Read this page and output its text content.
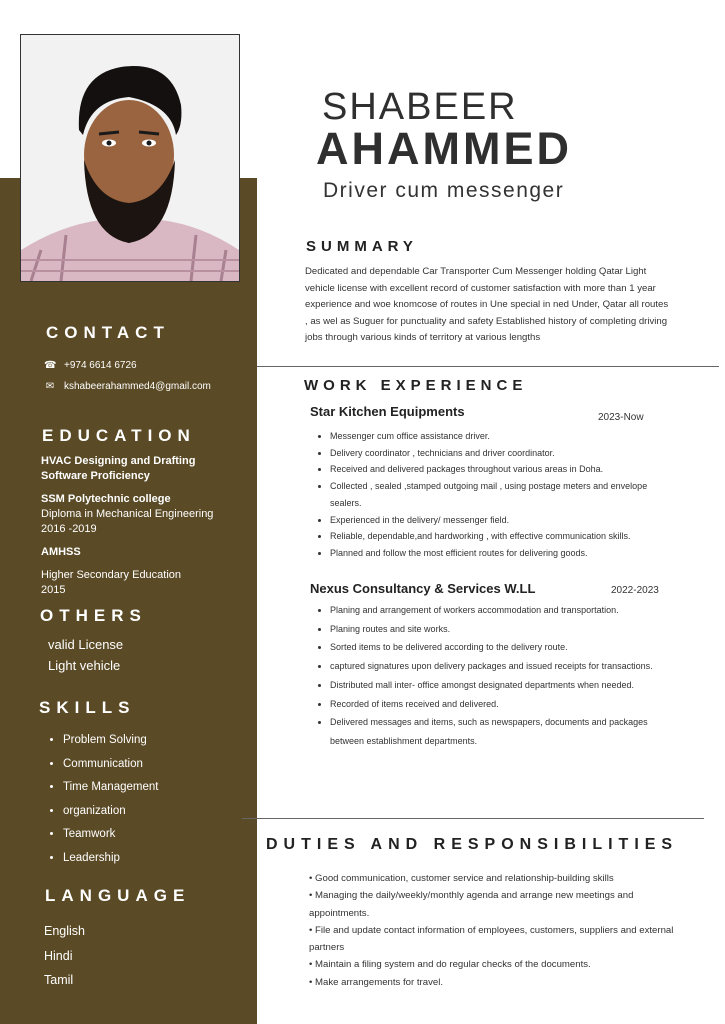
CONTACT
☎ +974 6614 6726
✉ kshabeerahammed4@gmail.com
EDUCATION
HVAC Designing and Drafting Software Proficiency
SSM Polytechnic college
Diploma in Mechanical Engineering
2016 -2019
AMHSS
Higher Secondary Education
2015
OTHERS
valid License
Light vehicle
SKILLS
• Problem Solving
• Communication
• Time Management
• organization
• Teamwork
• Leadership
LANGUAGE
English
Hindi
Tamil
SHABEER
AHAMMED
Driver cum messenger
SUMMARY
Dedicated and dependable Car Transporter Cum Messenger holding Qatar Light vehicle license with excellent record of customer satisfaction with more than 1 year experience and woe knomcose of routes in Une special in ned Under, Qatar all routes , as wel as Suguer for punctuality and safety Established history of completing driving jobs through various kinds of territory at various lengths
WORK EXPERIENCE
Star Kitchen Equipments	2023-Now
• Messenger cum office assistance driver.
• Delivery coordinator , technicians and driver coordinator.
• Received and delivered packages throughout various areas in Doha.
• Collected , sealed ,stamped outgoing mail , using postage meters and envelope sealers.
• Experienced in the delivery/ messenger field.
• Reliable, dependable,and hardworking , with effective communication skills.
• Planned and follow the most efficient routes for delivering goods.
Nexus Consultancy & Services W.LL	2022-2023
• Planing and arrangement of workers accommodation and transportation.
• Planing routes and site works.
• Sorted items to be delivered according to the delivery route.
• captured signatures upon delivery packages and issued receipts for transactions.
• Distributed mall inter- office amongst designated departments when needed.
• Recorded of items received and delivered.
• Delivered messages and items, such as newspapers, documents and packages between establishment departments.
DUTIES AND RESPONSIBILITIES
• Good communication, customer service and relationship-building skills
• Managing the daily/weekly/monthly agenda and arrange new meetings and appointments.
• File and update contact information of employees, customers, suppliers and external partners
• Maintain a filing system and do regular checks of the documents.
• Make arrangements for travel.
